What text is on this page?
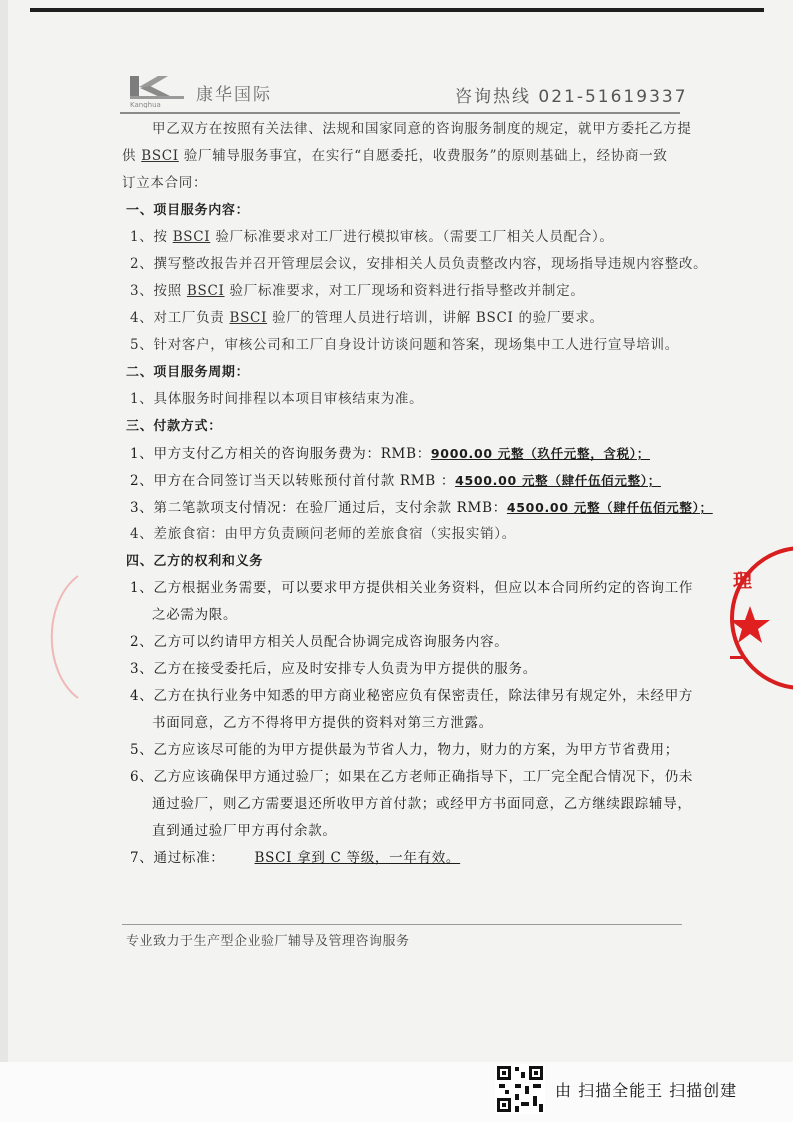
Kanghua 康华国际	咨询热线 021-51619337
甲乙双方在按照有关法律、法规和国家同意的咨询服务制度的规定，就甲方委托乙方提
供 BSCI 验厂辅导服务事宜，在实行“自愿委托，收费服务”的原则基础上，经协商一致
订立本合同：
一、项目服务内容：
1、按 BSCI 验厂标准要求对工厂进行模拟审核。（需要工厂相关人员配合）。
2、撰写整改报告并召开管理层会议，安排相关人员负责整改内容，现场指导违规内容整改。
3、按照 BSCI 验厂标准要求，对工厂现场和资料进行指导整改并制定。
4、对工厂负责 BSCI 验厂的管理人员进行培训，讲解 BSCI 的验厂要求。
5、针对客户，审核公司和工厂自身设计访谈问题和答案，现场集中工人进行宣导培训。
二、项目服务周期：
1、具体服务时间排程以本项目审核结束为准。
三、付款方式：
1、甲方支付乙方相关的咨询服务费为：RMB：9000.00 元整（玖仟元整，含税）；
2、甲方在合同签订当天以转账预付首付款 RMB ：4500.00 元整（肆仟伍佰元整）；
3、第二笔款项支付情况：在验厂通过后，支付余款 RMB：4500.00 元整（肆仟伍佰元整）；
4、差旅食宿：由甲方负责顾问老师的差旅食宿（实报实销）。
四、乙方的权利和义务
1、乙方根据业务需要，可以要求甲方提供相关业务资料，但应以本合同所约定的咨询工作
之必需为限。
2、乙方可以约请甲方相关人员配合协调完成咨询服务内容。
3、乙方在接受委托后，应及时安排专人负责为甲方提供的服务。
4、乙方在执行业务中知悉的甲方商业秘密应负有保密责任，除法律另有规定外，未经甲方
书面同意，乙方不得将甲方提供的资料对第三方泄露。
5、乙方应该尽可能的为甲方提供最为节省人力，物力，财力的方案，为甲方节省费用；
6、乙方应该确保甲方通过验厂；如果在乙方老师正确指导下，工厂完全配合情况下，仍未
通过验厂，则乙方需要退还所收甲方首付款；或经甲方书面同意，乙方继续跟踪辅导，
直到通过验厂甲方再付余款。
7、通过标准： BSCI 拿到 C 等级，一年有效。
专业致力于生产型企业验厂辅导及管理咨询服务
理
由 扫描全能王 扫描创建
